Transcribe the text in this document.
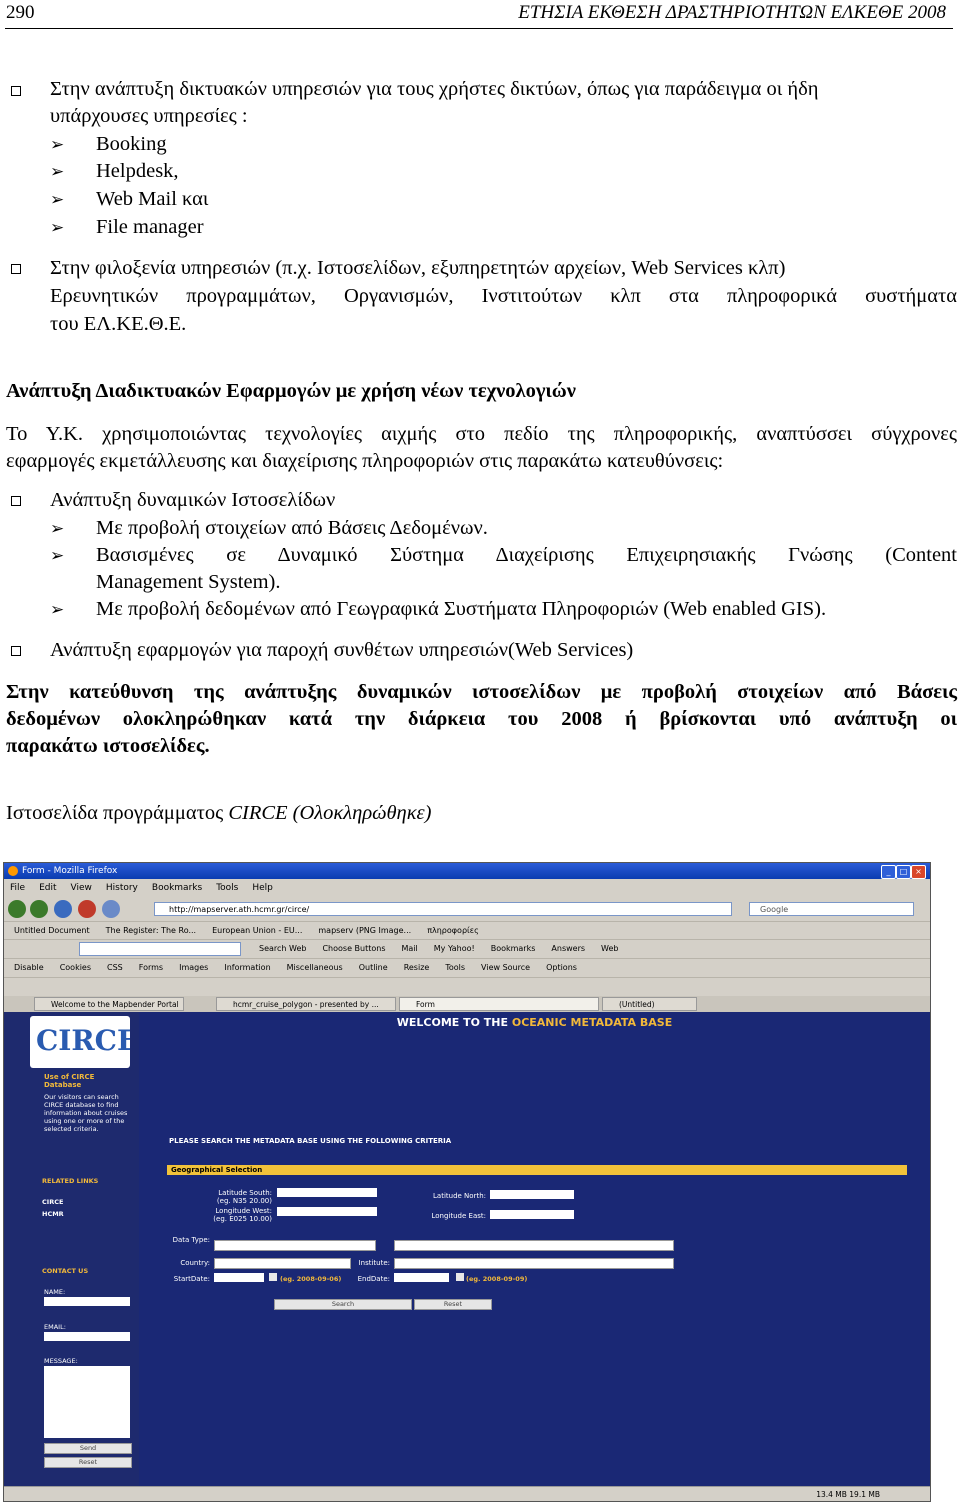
290	ΕΤΗΣΙΑ ΕΚΘΕΣΗ ΔΡΑΣΤΗΡΙΟΤΗΤΩΝ ΕΛΚΕΘΕ 2008
Στην ανάπτυξη δικτυακών υπηρεσιών για τους χρήστες δικτύων, όπως για παράδειγμα οι ήδη
υπάρχουσες υπηρεσίες :
➢ Booking
➢ Helpdesk,
➢ Web Mail και
➢ File manager
Στην φιλοξενία υπηρεσιών (π.χ. Ιστοσελίδων, εξυπηρετητών αρχείων, Web Services κλπ)
Ερευνητικών προγραμμάτων, Οργανισμών, Ινστιτούτων κλπ στα πληροφορικά συστήματα
του ΕΛ.ΚΕ.Θ.Ε.
Ανάπτυξη Διαδικτυακών Εφαρμογών με χρήση νέων τεχνολογιών
Το Υ.Κ. χρησιμοποιώντας τεχνολογίες αιχμής στο πεδίο της πληροφορικής, αναπτύσσει σύγχρονες
εφαρμογές εκμετάλλευσης και διαχείρισης πληροφοριών στις παρακάτω κατευθύνσεις:
Ανάπτυξη δυναμικών Ιστοσελίδων
➢ Με προβολή στοιχείων από Βάσεις Δεδομένων.
➢ Βασισμένες σε Δυναμικό Σύστημα Διαχείρισης Επιχειρησιακής Γνώσης (Content
Management System).
➢ Με προβολή δεδομένων από Γεωγραφικά Συστήματα Πληροφοριών (Web enabled GIS).
Ανάπτυξη εφαρμογών για παροχή συνθέτων υπηρεσιών(Web Services)
Στην κατεύθυνση της ανάπτυξης δυναμικών ιστοσελίδων με προβολή στοιχείων από Βάσεις
δεδομένων ολοκληρώθηκαν κατά την διάρκεια του 2008 ή βρίσκονται υπό ανάπτυξη οι
παρακάτω ιστοσελίδες.
Ιστοσελίδα προγράμματος CIRCE (Ολοκληρώθηκε)
Form - Mozilla Firefox	_	□ ×
File Edit View History Bookmarks Tools Help
http://mapserver.ath.hcmr.gr/circe/	Google
Untitled Document The Register: The Ro... European Union - EU... mapserv (PNG Image... πληροφορίες
Search Web Choose Buttons Mail My Yahoo! Bookmarks Answers Web
Disable Cookies CSS Forms Images Information Miscellaneous Outline Resize Tools View Source Options
Welcome to the Mapbender Portal	hcmr_cruise_polygon - presented by ...	Form	(Untitled)
CIRCE
WELCOME TO THE OCEANIC METADATA BASE
Use of CIRCE Database
Our visitors can search CIRCE database to find information about cruises using one or more of the selected criteria.
RELATED LINKS
CIRCE
HCMR
CONTACT US
NAME:
EMAIL:
MESSAGE:
Send
Reset
PLEASE SEARCH THE METADATA BASE USING THE FOLLOWING CRITERIA
Geographical Selection
Latitude South:
(eg. N35 20.00)
Longitude West:
(eg. E025 10.00)
Latitude North:
Longitude East:
Data Type:
Country:	Institute:
StartDate:	(eg. 2008-09-06)	EndDate:	(eg. 2008-09-09)
Search	Reset
13.4 MB 19.1 MB
